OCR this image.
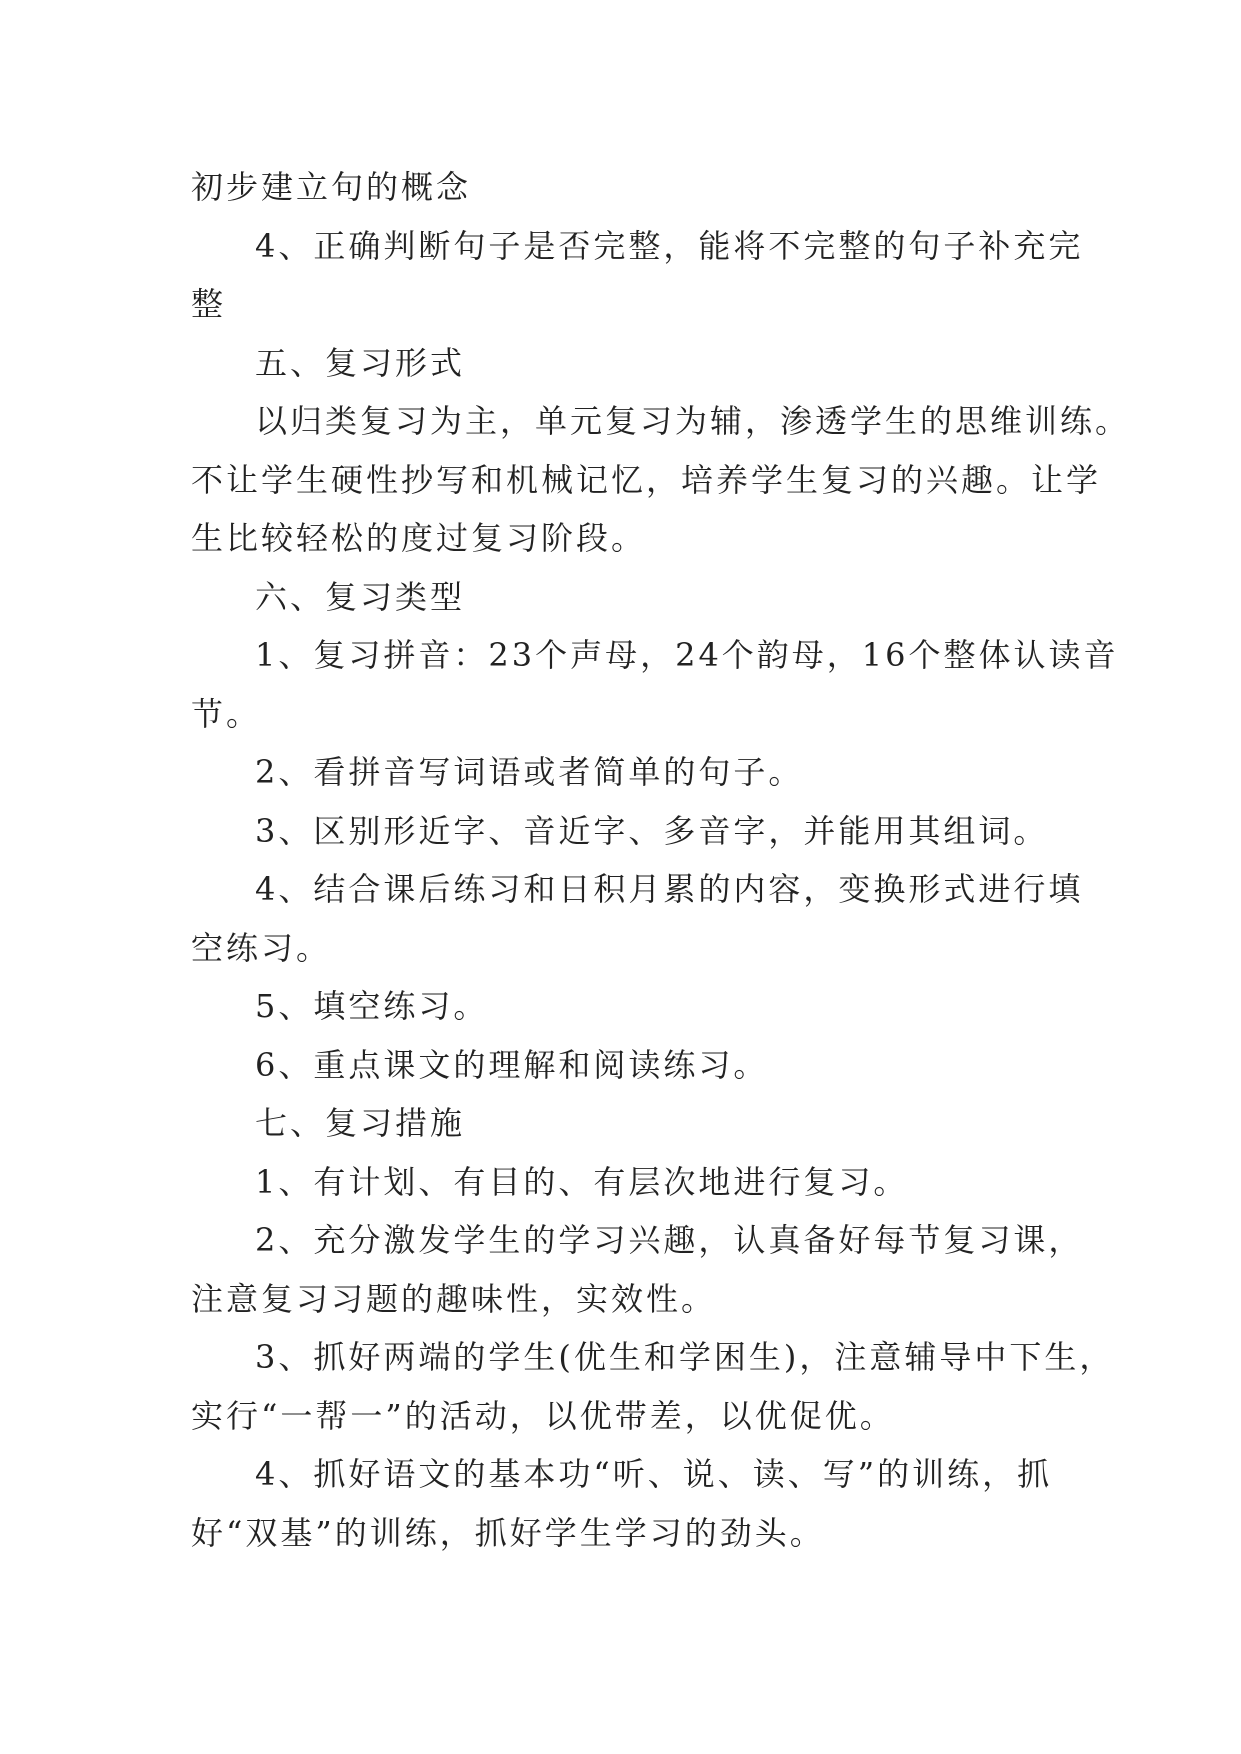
初步建立句的概念
4、正确判断句子是否完整，能将不完整的句子补充完
整
五、复习形式
以归类复习为主，单元复习为辅，渗透学生的思维训练。
不让学生硬性抄写和机械记忆，培养学生复习的兴趣。让学
生比较轻松的度过复习阶段。
六、复习类型
1、复习拼音：23个声母，24个韵母，16个整体认读音
节。
2、看拼音写词语或者简单的句子。
3、区别形近字、音近字、多音字，并能用其组词。
4、结合课后练习和日积月累的内容，变换形式进行填
空练习。
5、填空练习。
6、重点课文的理解和阅读练习。
七、复习措施
1、有计划、有目的、有层次地进行复习。
2、充分激发学生的学习兴趣，认真备好每节复习课，
注意复习习题的趣味性，实效性。
3、抓好两端的学生(优生和学困生)，注意辅导中下生，
实行“一帮一”的活动，以优带差，以优促优。
4、抓好语文的基本功“听、说、读、写”的训练，抓
好“双基”的训练，抓好学生学习的劲头。
